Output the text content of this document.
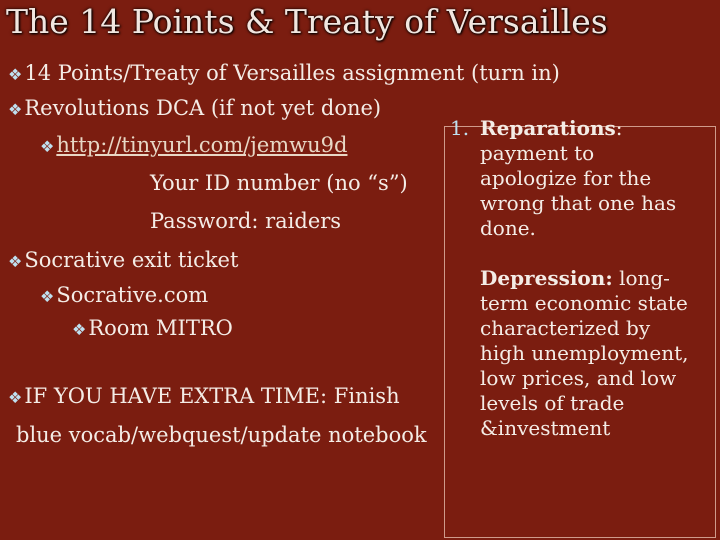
The 14 Points & Treaty of Versailles
❖14 Points/Treaty of Versailles assignment (turn in)
❖Revolutions DCA (if not yet done)
❖http://tinyurl.com/jemwu9d
Your ID number (no “s”)
Password: raiders
❖Socrative exit ticket
❖Socrative.com
❖Room MITRO
❖IF YOU HAVE EXTRA TIME: Finish
blue vocab/webquest/update notebook
1. Reparations:
payment to
apologize for the
wrong that one has
done.
Depression: long-
term economic state
characterized by
high unemployment,
low prices, and low
levels of trade
&investment
